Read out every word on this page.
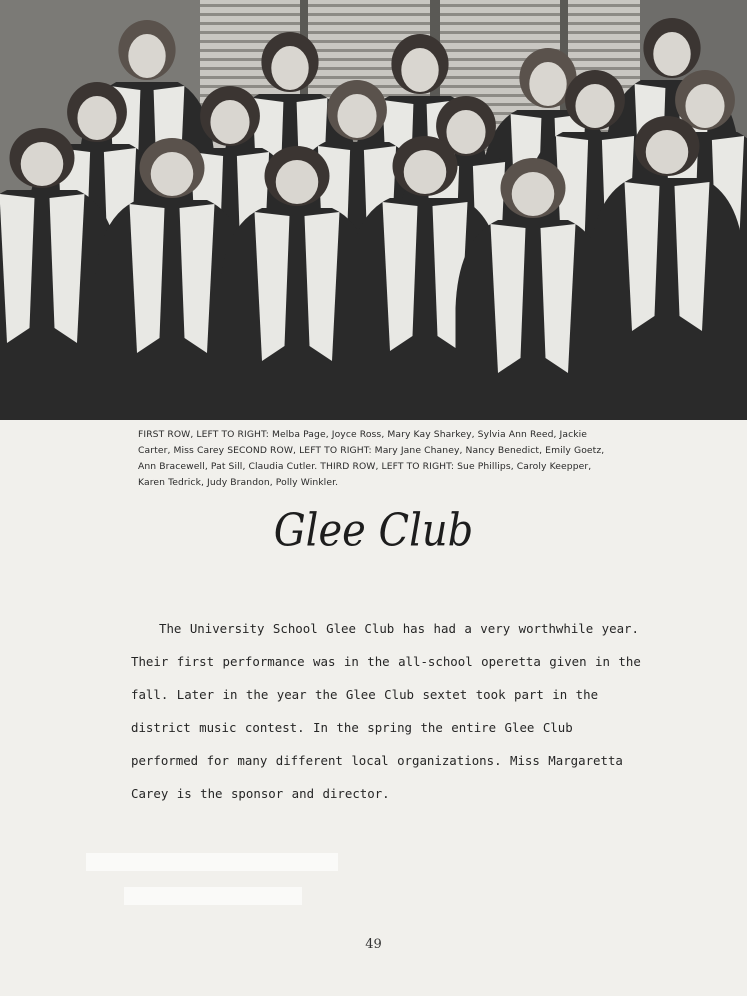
FIRST ROW, LEFT TO RIGHT: Melba Page, Joyce Ross, Mary Kay Sharkey, Sylvia Ann Reed, Jackie Carter, Miss Carey SECOND ROW, LEFT TO RIGHT: Mary Jane Chaney, Nancy Benedict, Emily Goetz, Ann Bracewell, Pat Sill, Claudia Cutler. THIRD ROW, LEFT TO RIGHT: Sue Phillips, Caroly Keepper, Karen Tedrick, Judy Brandon, Polly Winkler.
Glee Club
The University School Glee Club has had a very worthwhile year. Their first performance was in the all-school operetta given in the fall. Later in the year the Glee Club sextet took part in the district music contest. In the spring the entire Glee Club performed for many different local organizations. Miss Margaretta Carey is the sponsor and director.
49
